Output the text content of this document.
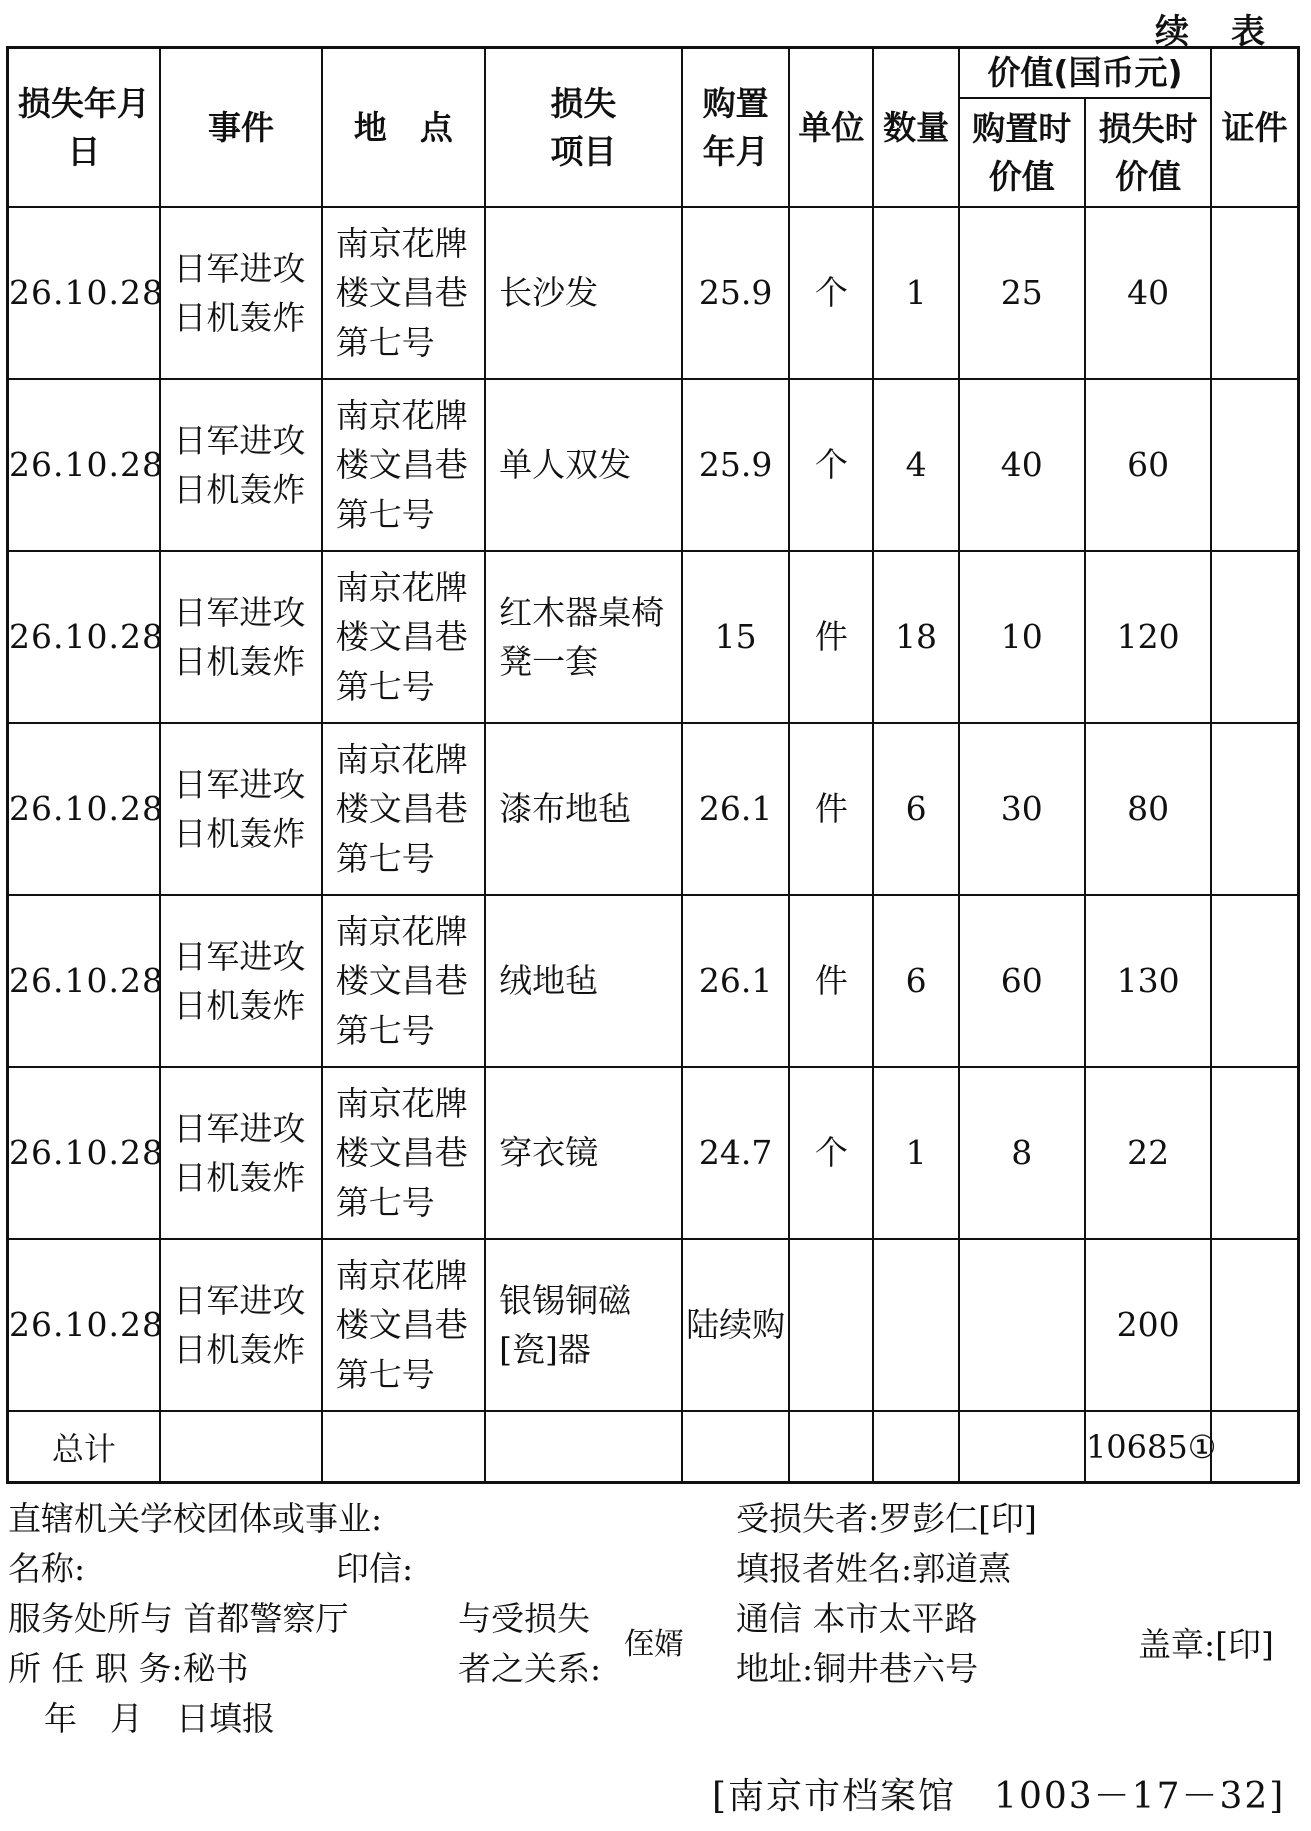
续　表
损失年月日	事件	地　点	损失项目	购置年月	单位	数量	价值(国币元)		证件
							购置时价值	损失时价值	
26.10.28	日军进攻日机轰炸	南京花牌楼文昌巷第七号	长沙发	25.9	个	1	25	40	
26.10.28	日军进攻日机轰炸	南京花牌楼文昌巷第七号	单人双发	25.9	个	4	40	60	
26.10.28	日军进攻日机轰炸	南京花牌楼文昌巷第七号	红木器桌椅凳一套	15	件	18	10	120	
26.10.28	日军进攻日机轰炸	南京花牌楼文昌巷第七号	漆布地毡	26.1	件	6	30	80	
26.10.28	日军进攻日机轰炸	南京花牌楼文昌巷第七号	绒地毡	26.1	件	6	60	130	
26.10.28	日军进攻日机轰炸	南京花牌楼文昌巷第七号	穿衣镜	24.7	个	1	8	22	
26.10.28	日军进攻日机轰炸	南京花牌楼文昌巷第七号	银锡铜磁[瓷]器	陆续购				200	
总计								10685①	
直辖机关学校团体或事业:
名称:	印信:
服务处所与 首都警察厅
所 任 职 务:秘书
年　月　日填报
与受损失
者之关系:
侄婿
受损失者:罗彭仁[印]
填报者姓名:郭道熹
通信 本市太平路
地址:铜井巷六号
盖章:[印]
[南京市档案馆　1003－17－32]
